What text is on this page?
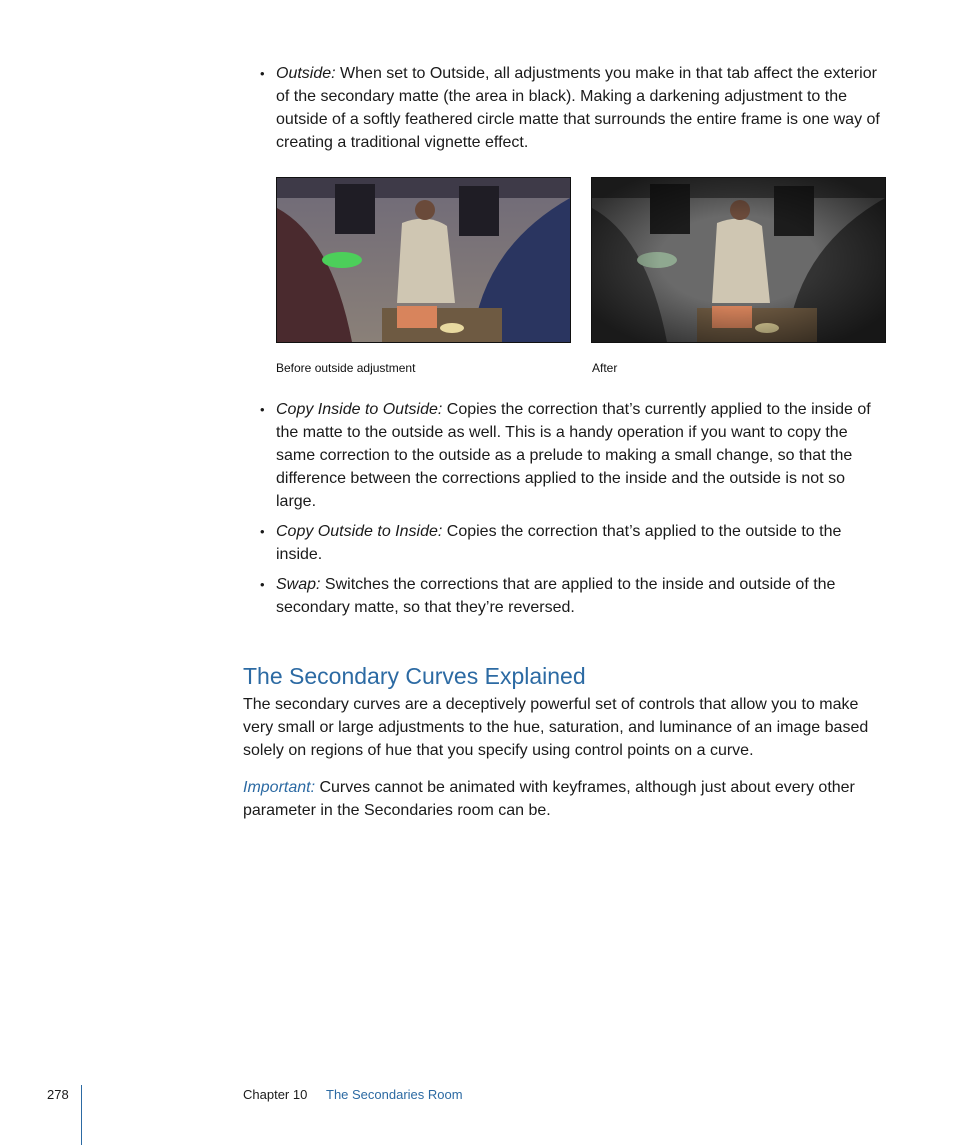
• Outside: When set to Outside, all adjustments you make in that tab affect the exterior of the secondary matte (the area in black). Making a darkening adjustment to the outside of a softly feathered circle matte that surrounds the entire frame is one way of creating a traditional vignette effect.
Before outside adjustment	After
• Copy Inside to Outside: Copies the correction that’s currently applied to the inside of the matte to the outside as well. This is a handy operation if you want to copy the same correction to the outside as a prelude to making a small change, so that the difference between the corrections applied to the inside and the outside is not so large.
• Copy Outside to Inside: Copies the correction that’s applied to the outside to the inside.
• Swap: Switches the corrections that are applied to the inside and outside of the secondary matte, so that they’re reversed.
The Secondary Curves Explained

The secondary curves are a deceptively powerful set of controls that allow you to make very small or large adjustments to the hue, saturation, and luminance of an image based solely on regions of hue that you specify using control points on a curve.

Important: Curves cannot be animated with keyframes, although just about every other parameter in the Secondaries room can be.

278	Chapter 10 The Secondaries Room
